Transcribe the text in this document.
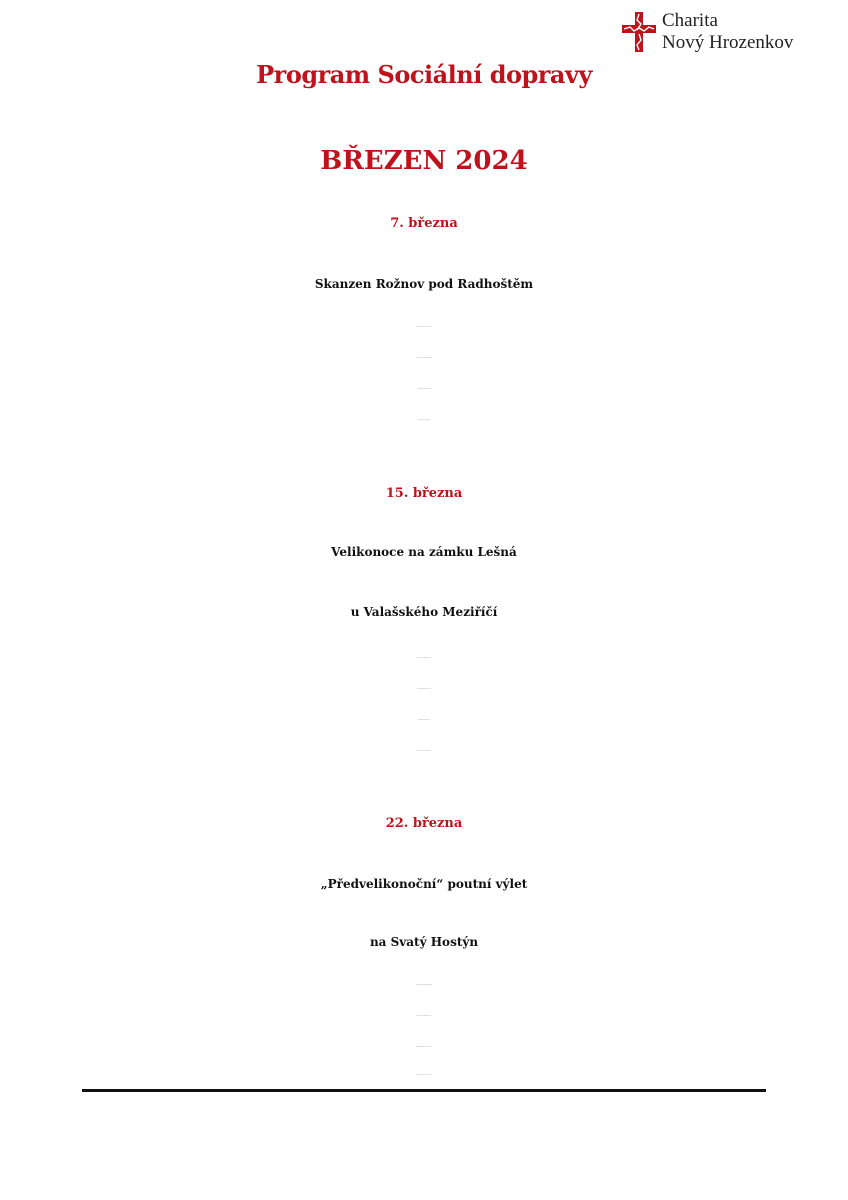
Charita
Nový Hrozenkov
Program Sociální dopravy
BŘEZEN 2024
7. března
Skanzen Rožnov pod Radhoštěm
15. března
Velikonoce na zámku Lešná
u Valašského Meziříčí
22. března
„Předvelikonoční“ poutní výlet
na Svatý Hostýn
